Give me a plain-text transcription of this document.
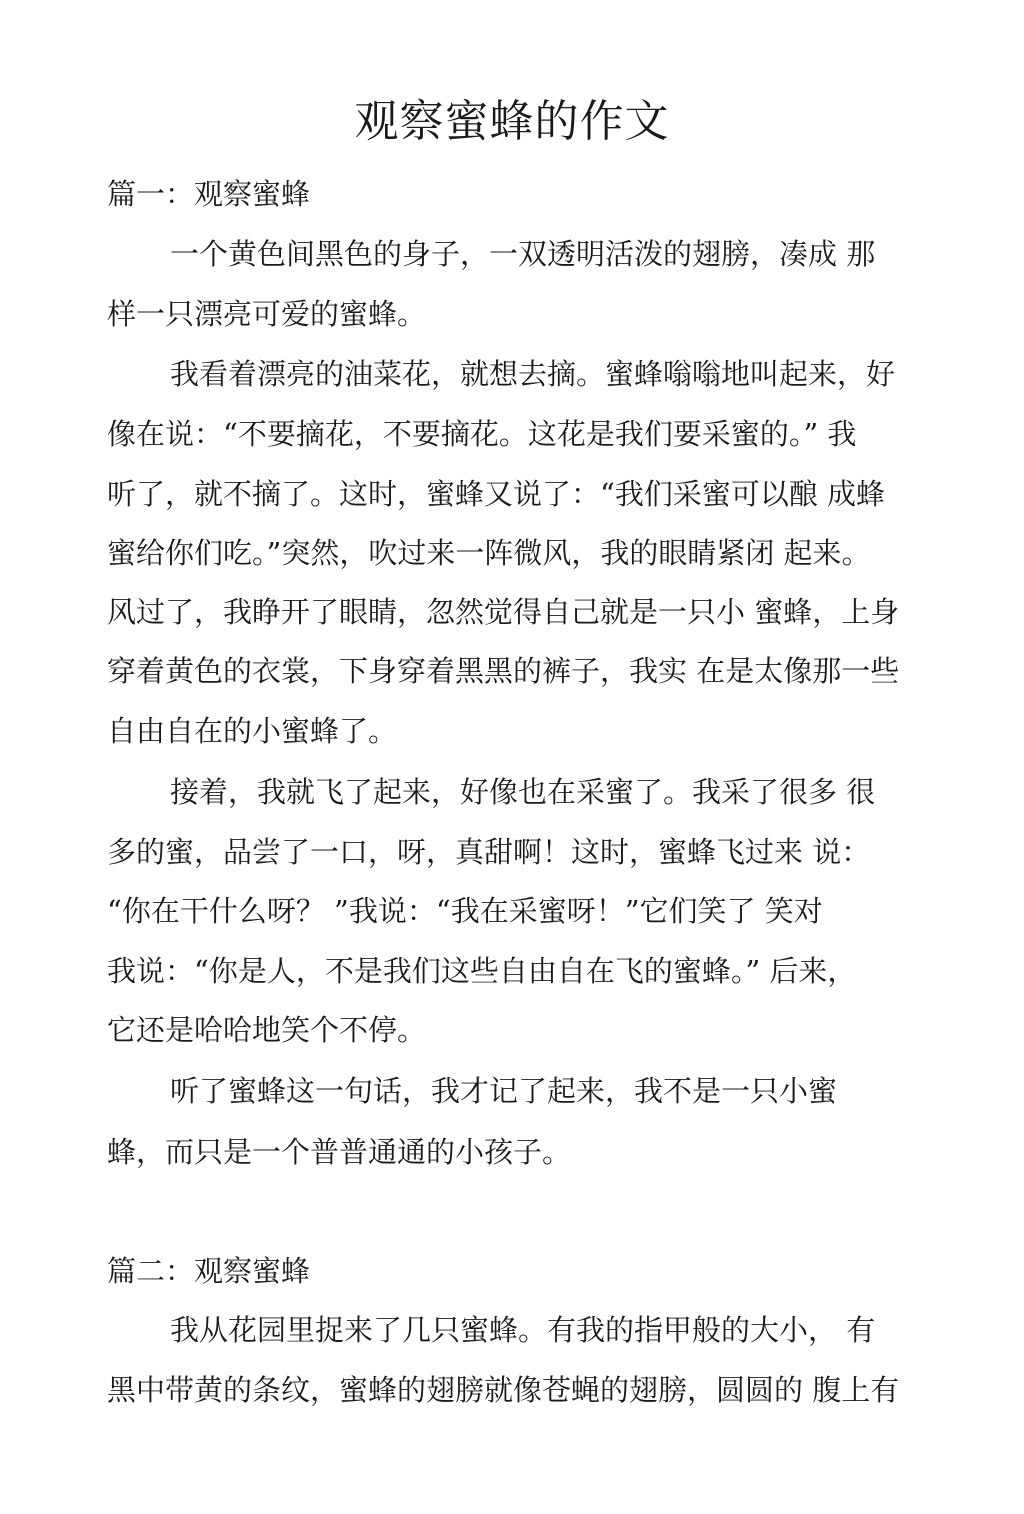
观察蜜蜂的作文
篇一：观察蜜蜂
一个黄色间黑色的身子，一双透明活泼的翅膀，凑成 那
样一只漂亮可爱的蜜蜂。
我看着漂亮的油菜花，就想去摘。蜜蜂嗡嗡地叫起来，好
像在说：“不要摘花，不要摘花。这花是我们要采蜜的。” 我
听了，就不摘了。这时，蜜蜂又说了：“我们采蜜可以酿 成蜂
蜜给你们吃。”突然，吹过来一阵微风，我的眼睛紧闭 起来。
风过了，我睁开了眼睛，忽然觉得自己就是一只小 蜜蜂，上身
穿着黄色的衣裳，下身穿着黑黑的裤子，我实 在是太像那一些
自由自在的小蜜蜂了。
接着，我就飞了起来，好像也在采蜜了。我采了很多 很
多的蜜，品尝了一口，呀，真甜啊！这时，蜜蜂飞过来 说：
“你在干什么呀？ ”我说：“我在采蜜呀！”它们笑了 笑对
我说：“你是人，不是我们这些自由自在飞的蜜蜂。” 后来，
它还是哈哈地笑个不停。
听了蜜蜂这一句话，我才记了起来，我不是一只小蜜
蜂，而只是一个普普通通的小孩子。
篇二：观察蜜蜂
我从花园里捉来了几只蜜蜂。有我的指甲般的大小， 有
黑中带黄的条纹，蜜蜂的翅膀就像苍蝇的翅膀，圆圆的 腹上有
